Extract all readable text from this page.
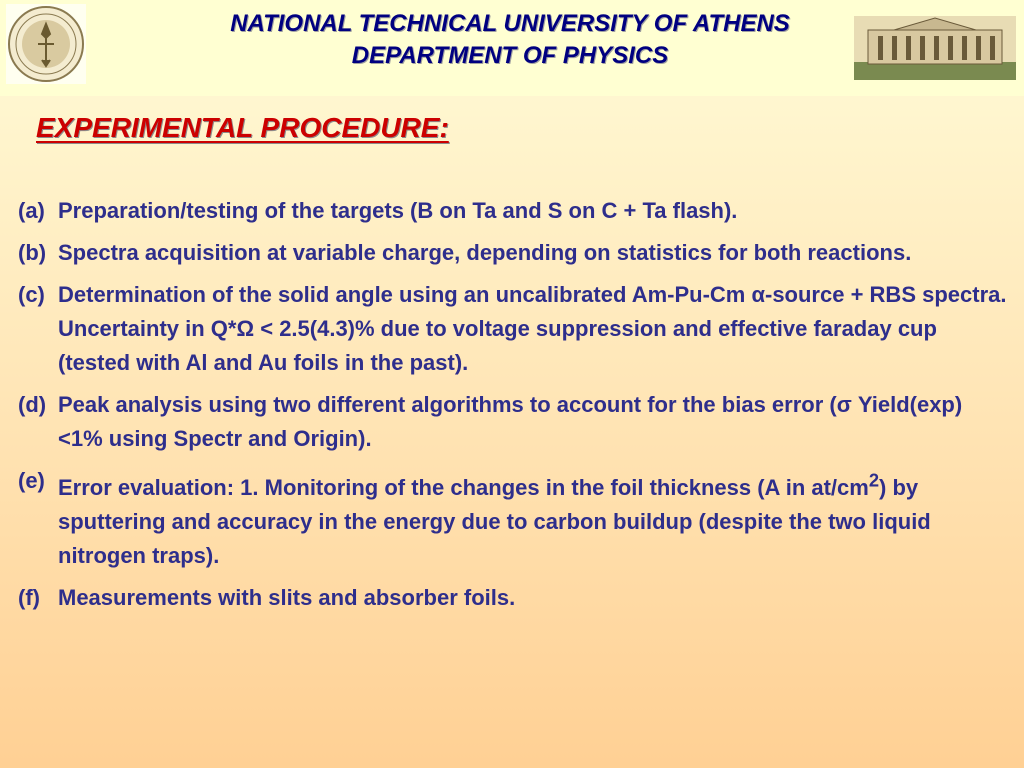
NATIONAL TECHNICAL UNIVERSITY OF ATHENS
DEPARTMENT OF PHYSICS
EXPERIMENTAL PROCEDURE:
(a) Preparation/testing of the targets (B on Ta and S on C + Ta flash).
(b) Spectra acquisition at variable charge, depending on statistics for both reactions.
(c) Determination of the solid angle using an uncalibrated Am-Pu-Cm α-source + RBS spectra. Uncertainty in Q*Ω < 2.5(4.3)% due to voltage suppression and effective faraday cup (tested with Al and Au foils in the past).
(d) Peak analysis using two different algorithms to account for the bias error (σ Yield(exp) <1% using Spectr and Origin).
(e) Error evaluation: 1. Monitoring of the changes in the foil thickness (A in $at/cm^2$) by sputtering and accuracy in the energy due to carbon buildup (despite the two liquid nitrogen traps).
(f) Measurements with slits and absorber foils.
